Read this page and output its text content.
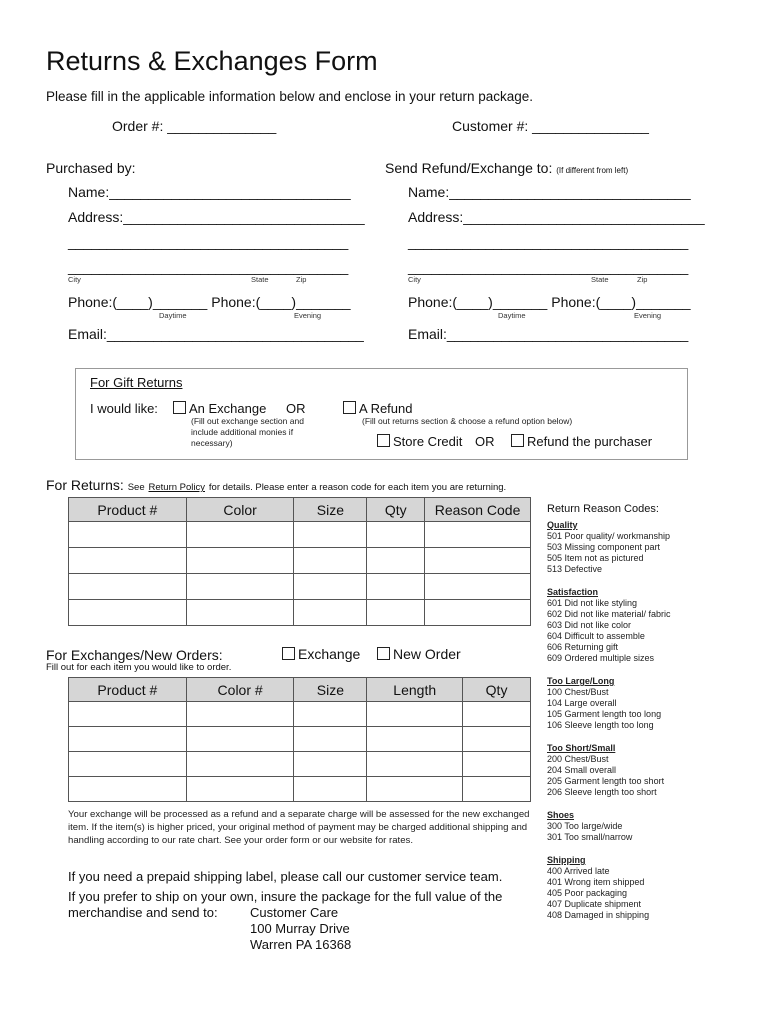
Returns & Exchanges Form
Please fill in the applicable information below and enclose in your return package.
Order #: ______________	Customer #: _______________
Purchased by:
Name:_______________________________
Address:_______________________________
____________________________________
____________________________________
City	State	Zip
Phone:(____)_______ Phone:(____)_______
Daytime	Evening
Email:_________________________________
Send Refund/Exchange to: (If different from left)
Name:_______________________________
Address:_______________________________
____________________________________
____________________________________
City	State	Zip
Phone:(____)_______ Phone:(____)_______
Daytime	Evening
Email:_______________________________
For Gift Returns
I would like:	An Exchange OR
(Fill out exchange section and include additional monies if necessary)
A Refund
(Fill out returns section & choose a refund option below)
Store Credit OR	Refund the purchaser
For Returns: See Return Policy for details. Please enter a reason code for each item you are returning.
Product #	Color	Size	Qty	Reason Code

For Exchanges/New Orders:
Fill out for each item you would like to order.
Exchange	New Order
Product #	Color #	Size	Length	Qty

Your exchange will be processed as a refund and a separate charge will be assessed for the new exchanged item. If the item(s) is higher priced, your original method of payment may be charged additional shipping and handling according to our rate chart. See your order form or our website for rates.
If you need a prepaid shipping label, please call our customer service team.
If you prefer to ship on your own, insure the package for the full value of the
merchandise and send to: Customer Care
100 Murray Drive
Warren PA 16368
Return Reason Codes:
Quality
501 Poor quality/ workmanship
503 Missing component part
505 Item not as pictured
513 Defective
Satisfaction
601 Did not like styling
602 Did not like material/ fabric
603 Did not like color
604 Difficult to assemble
606 Returning gift
609 Ordered multiple sizes
Too Large/Long
100 Chest/Bust
104 Large overall
105 Garment length too long
106 Sleeve length too long
Too Short/Small
200 Chest/Bust
204 Small overall
205 Garment length too short
206 Sleeve length too short
Shoes
300 Too large/wide
301 Too small/narrow
Shipping
400 Arrived late
401 Wrong item shipped
405 Poor packaging
407 Duplicate shipment
408 Damaged in shipping
